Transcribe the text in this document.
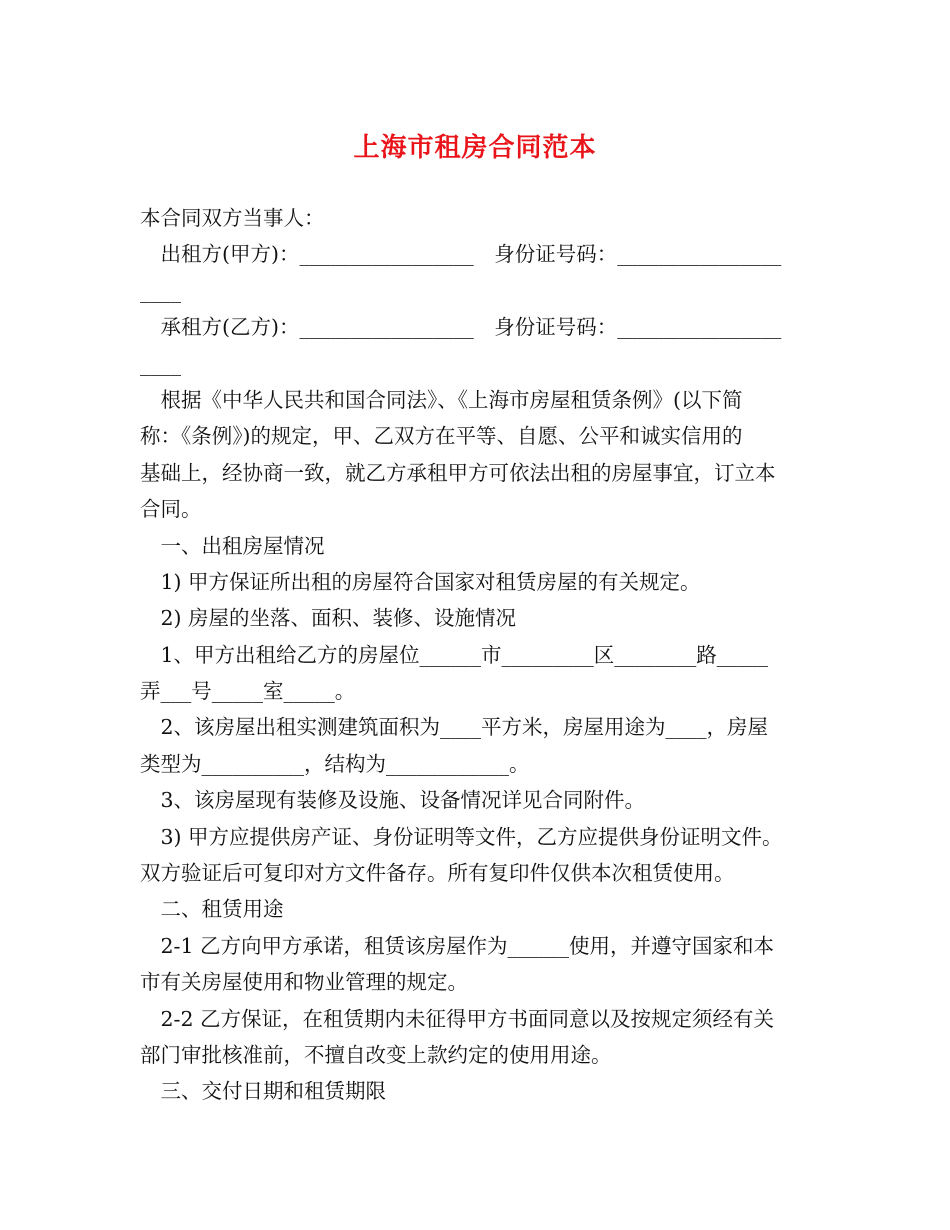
上海市租房合同范本
本合同双方当事人：
　出租方(甲方)：_________________　身份证号码：________________
____
　承租方(乙方)：_________________　身份证号码：________________
____
　根据《中华人民共和国合同法》、《上海市房屋租赁条例》(以下简
称：《条例》)的规定，甲、乙双方在平等、自愿、公平和诚实信用的
基础上，经协商一致，就乙方承租甲方可依法出租的房屋事宜，订立本
合同。
　一、出租房屋情况
　1) 甲方保证所出租的房屋符合国家对租赁房屋的有关规定。
　2) 房屋的坐落、面积、装修、设施情况
　1、甲方出租给乙方的房屋位______市_________区________路_____
弄___号_____室_____。
　2、该房屋出租实测建筑面积为____平方米，房屋用途为____，房屋
类型为__________，结构为____________。
　3、该房屋现有装修及设施、设备情况详见合同附件。
　3) 甲方应提供房产证、身份证明等文件，乙方应提供身份证明文件。
双方验证后可复印对方文件备存。所有复印件仅供本次租赁使用。
　二、租赁用途
　2-1 乙方向甲方承诺，租赁该房屋作为______使用，并遵守国家和本
市有关房屋使用和物业管理的规定。
　2-2 乙方保证，在租赁期内未征得甲方书面同意以及按规定须经有关
部门审批核准前，不擅自改变上款约定的使用用途。
　三、交付日期和租赁期限
